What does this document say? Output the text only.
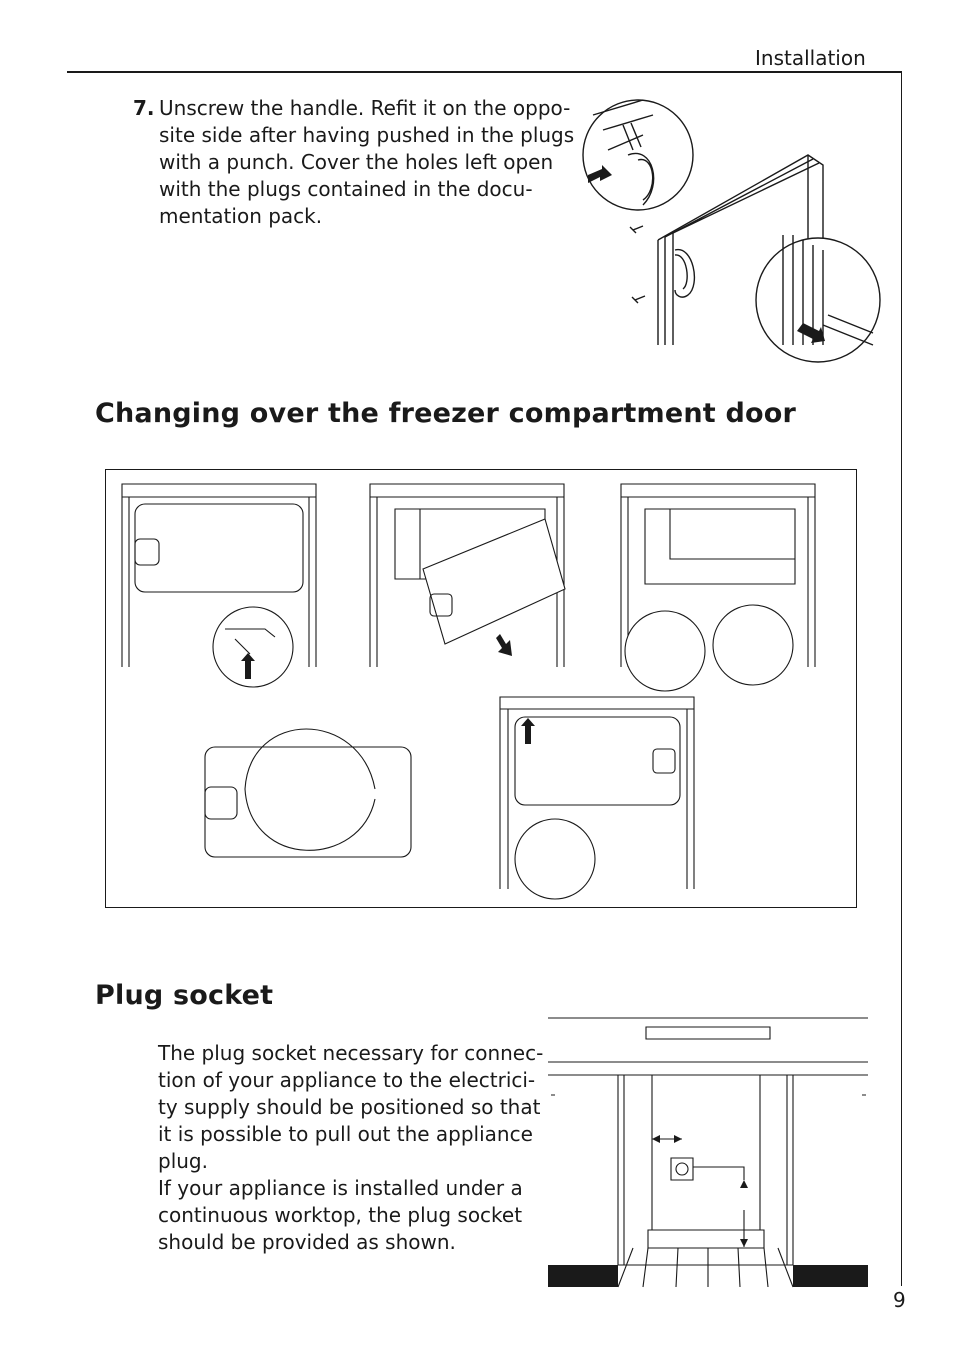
Installation
7. Unscrew the handle. Refit it on the oppo-
site side after having pushed in the plugs
with a punch. Cover the holes left open
with the plugs contained in the docu-
mentation pack.
Changing over the freezer compartment door
Plug socket
The plug socket necessary for connec-
tion of your appliance to the electrici-
ty supply should be positioned so that
it is possible to pull out the appliance
plug.
If your appliance is installed under a
continuous worktop, the plug socket
should be provided as shown.
9
